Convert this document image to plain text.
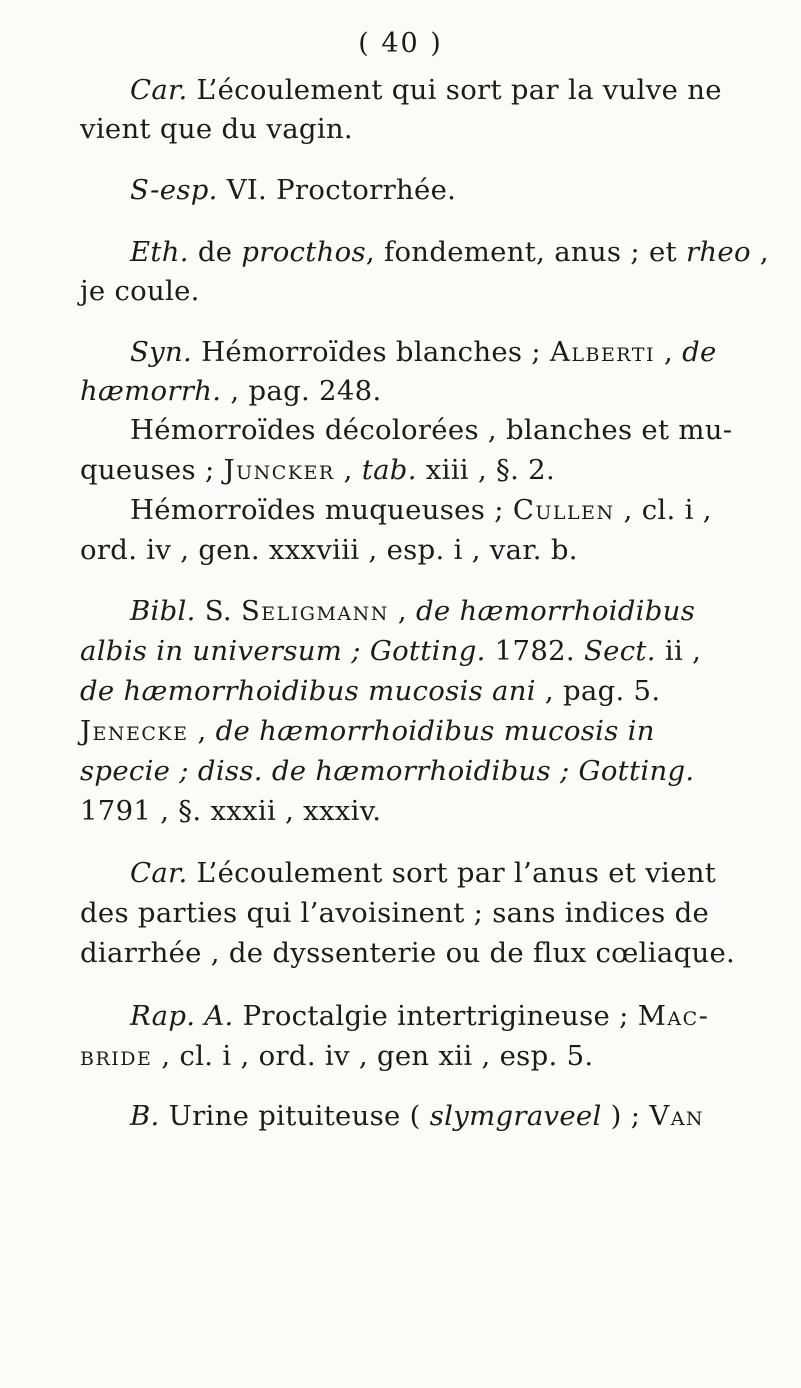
( 40 )
Car. L’écoulement qui sort par la vulve ne
vient que du vagin.
S-esp. VI. Proctorrhée.
Eth. de procthos, fondement, anus ; et rheo ,
je coule.
Syn. Hémorroïdes blanches ; Alberti , de
hæmorrh. , pag. 248.
Hémorroïdes décolorées , blanches et mu-
queuses ; Juncker , tab. xiii , §. 2.
Hémorroïdes muqueuses ; Cullen , cl. i ,
ord. iv , gen. xxxviii , esp. i , var. b.
Bibl. S. Seligmann , de hæmorrhoidibus
albis in universum ; Gotting. 1782. Sect. ii ,
de hæmorrhoidibus mucosis ani , pag. 5.
Jenecke , de hæmorrhoidibus mucosis in
specie ; diss. de hæmorrhoidibus ; Gotting.
1791 , §. xxxii , xxxiv.
Car. L’écoulement sort par l’anus et vient
des parties qui l’avoisinent ; sans indices de
diarrhée , de dyssenterie ou de flux cœliaque.
Rap. A. Proctalgie intertrigineuse ; Mac-
bride , cl. i , ord. iv , gen xii , esp. 5.
B. Urine pituiteuse ( slymgraveel ) ; Van
